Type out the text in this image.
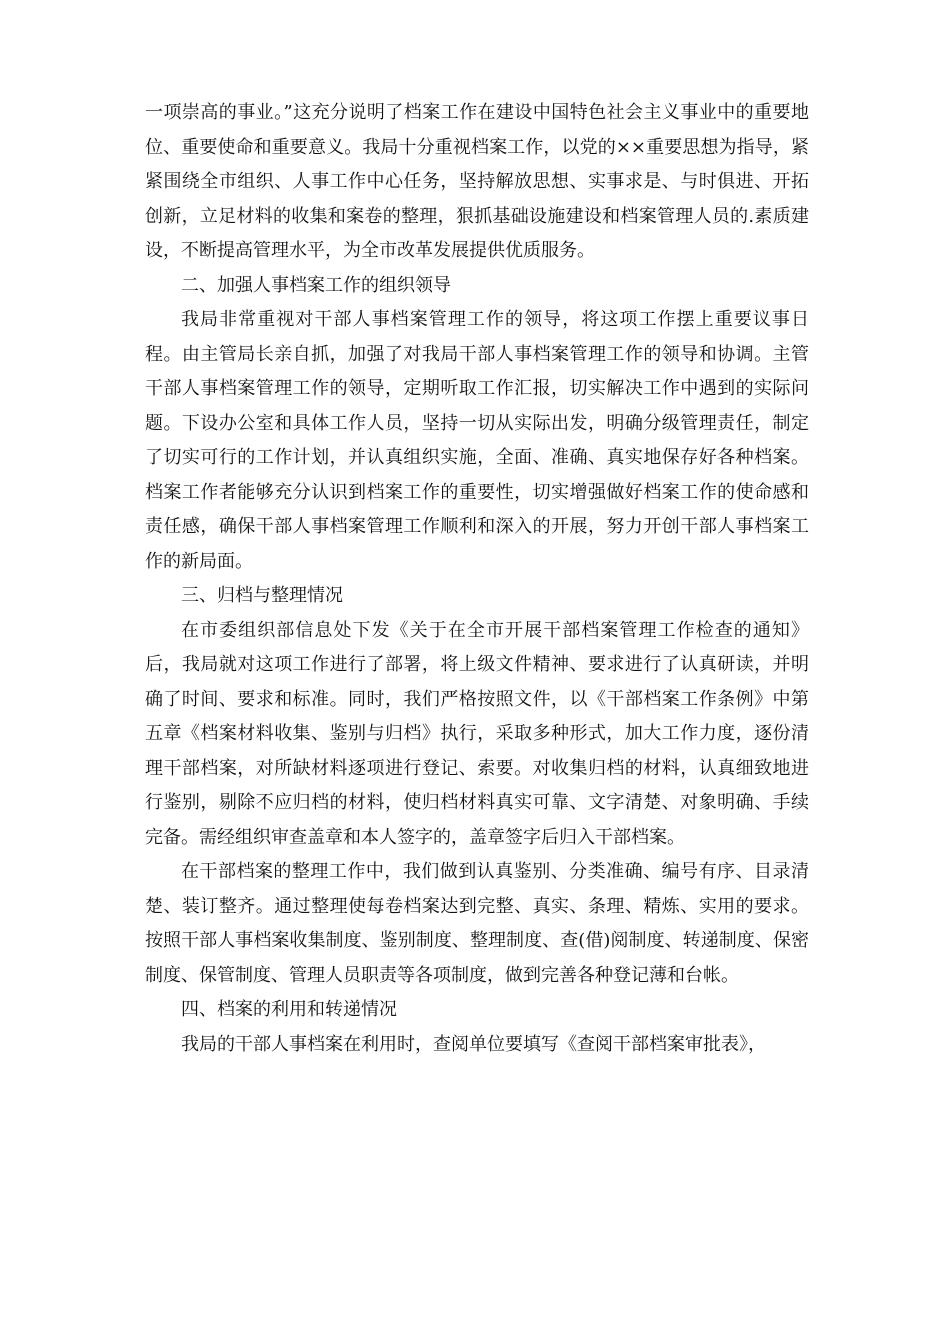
一项崇高的事业。”这充分说明了档案工作在建设中国特色社会主义事业中的重要地位、重要使命和重要意义。我局十分重视档案工作，以党的××重要思想为指导，紧紧围绕全市组织、人事工作中心任务，坚持解放思想、实事求是、与时俱进、开拓创新，立足材料的收集和案卷的整理，狠抓基础设施建设和档案管理人员的.素质建设，不断提高管理水平，为全市改革发展提供优质服务。

二、加强人事档案工作的组织领导

我局非常重视对干部人事档案管理工作的领导，将这项工作摆上重要议事日程。由主管局长亲自抓，加强了对我局干部人事档案管理工作的领导和协调。主管干部人事档案管理工作的领导，定期听取工作汇报，切实解决工作中遇到的实际问题。下设办公室和具体工作人员，坚持一切从实际出发，明确分级管理责任，制定了切实可行的工作计划，并认真组织实施，全面、准确、真实地保存好各种档案。档案工作者能够充分认识到档案工作的重要性，切实增强做好档案工作的使命感和责任感，确保干部人事档案管理工作顺利和深入的开展，努力开创干部人事档案工作的新局面。

三、归档与整理情况

在市委组织部信息处下发《关于在全市开展干部档案管理工作检查的通知》后，我局就对这项工作进行了部署，将上级文件精神、要求进行了认真研读，并明确了时间、要求和标准。同时，我们严格按照文件，以《干部档案工作条例》中第五章《档案材料收集、鉴别与归档》执行，采取多种形式，加大工作力度，逐份清理干部档案，对所缺材料逐项进行登记、索要。对收集归档的材料，认真细致地进行鉴别，剔除不应归档的材料，使归档材料真实可靠、文字清楚、对象明确、手续完备。需经组织审查盖章和本人签字的，盖章签字后归入干部档案。

在干部档案的整理工作中，我们做到认真鉴别、分类准确、编号有序、目录清楚、装订整齐。通过整理使每卷档案达到完整、真实、条理、精炼、实用的要求。按照干部人事档案收集制度、鉴别制度、整理制度、查(借)阅制度、转递制度、保密制度、保管制度、管理人员职责等各项制度，做到完善各种登记薄和台帐。

四、档案的利用和转递情况

我局的干部人事档案在利用时，查阅单位要填写《查阅干部档案审批表》，
